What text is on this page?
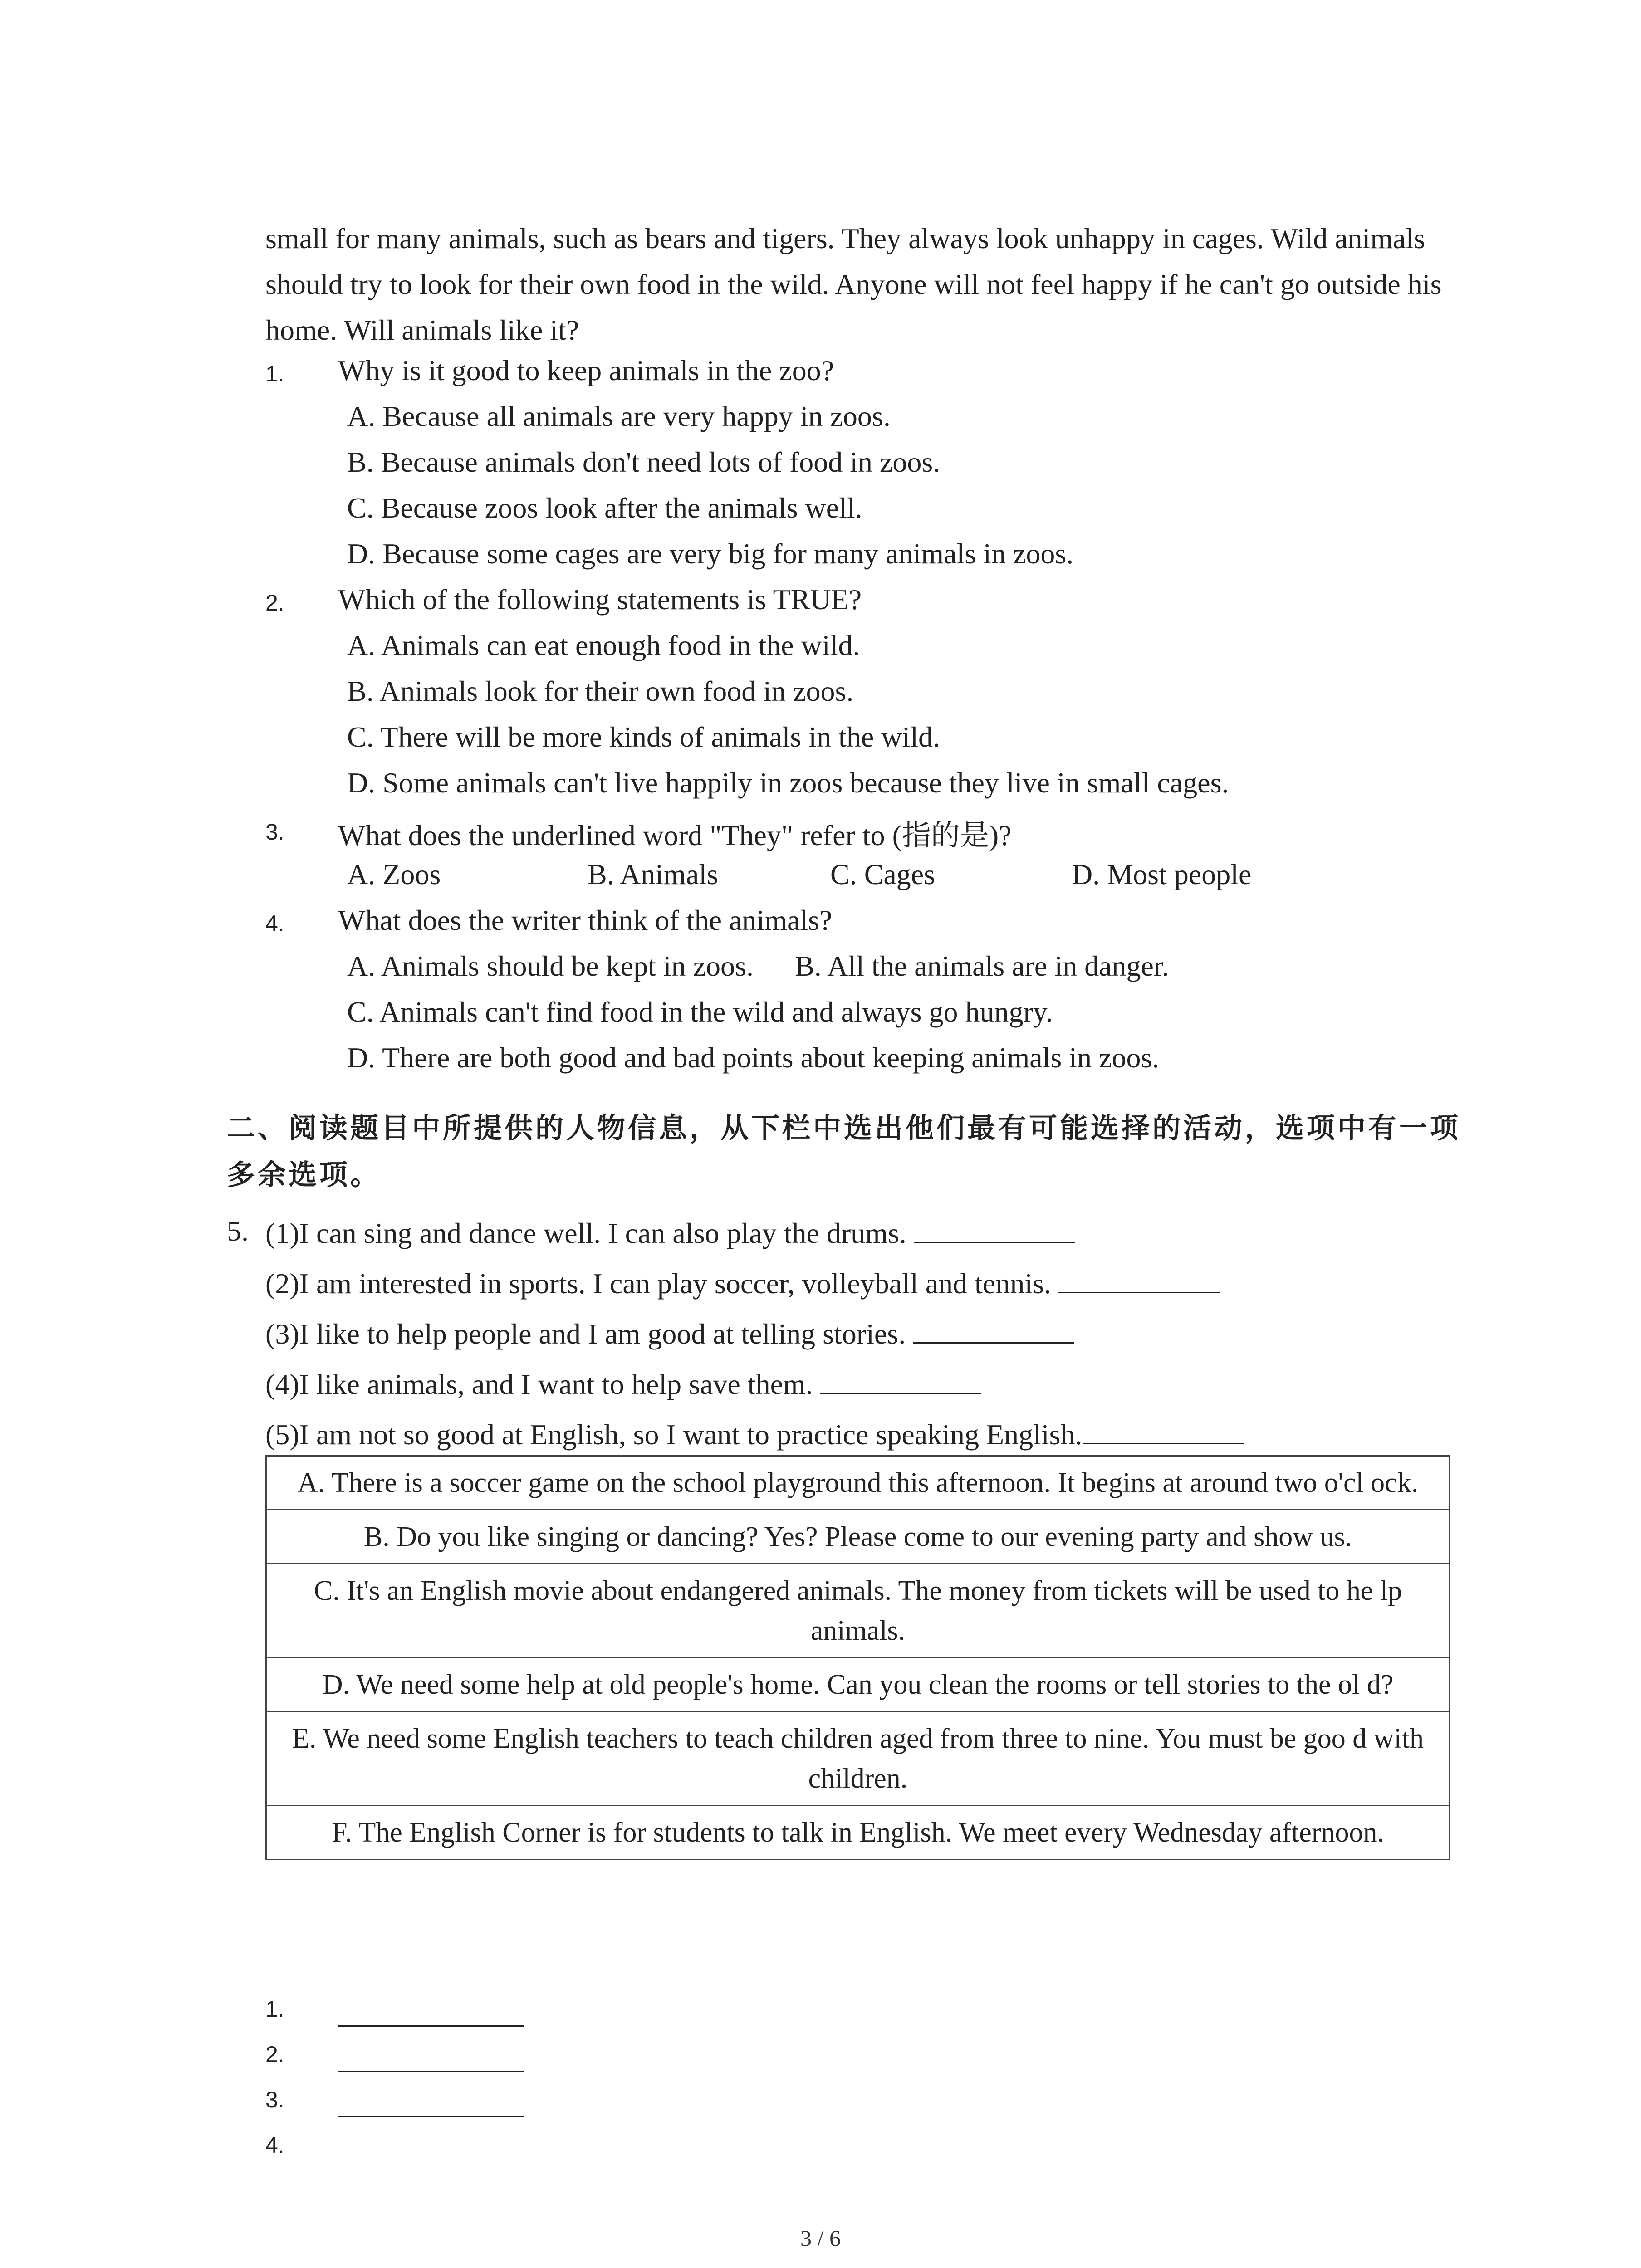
small for many animals, such as bears and tigers. They always look unhappy in cages. Wild animals should try to look for their own food in the wild. Anyone will not feel happy if he can't go outside his home. Will animals like it?
1. Why is it good to keep animals in the zoo?
A. Because all animals are very happy in zoos.
B. Because animals don't need lots of food in zoos.
C. Because zoos look after the animals well.
D. Because some cages are very big for many animals in zoos.
2. Which of the following statements is TRUE?
A. Animals can eat enough food in the wild.
B. Animals look for their own food in zoos.
C. There will be more kinds of animals in the wild.
D. Some animals can't live happily in zoos because they live in small cages.
3. What does the underlined word "They" refer to (指的是)?
A. Zoos	B. Animals	C. Cages	D. Most people
4. What does the writer think of the animals?
A. Animals should be kept in zoos. B. All the animals are in danger.
C. Animals can't find food in the wild and always go hungry.
D. There are both good and bad points about keeping animals in zoos.
二、阅读题目中所提供的人物信息，从下栏中选出他们最有可能选择的活动，选项中有一项多余选项。
5. (1)I can sing and dance well. I can also play the drums.
(2)I am interested in sports. I can play soccer, volleyball and tennis.
(3)I like to help people and I am good at telling stories.
(4)I like animals, and I want to help save them.
(5)I am not so good at English, so I want to practice speaking English.
A. There is a soccer game on the school playground this afternoon. It begins at around two o'cl ock.
B. Do you like singing or dancing? Yes? Please come to our evening party and show us.
C. It's an English movie about endangered animals. The money from tickets will be used to he lp animals.
D. We need some help at old people's home. Can you clean the rooms or tell stories to the ol d?
E. We need some English teachers to teach children aged from three to nine. You must be goo d with children.
F. The English Corner is for students to talk in English. We meet every Wednesday afternoon.
1.
2.
3.
4.
3 / 6
